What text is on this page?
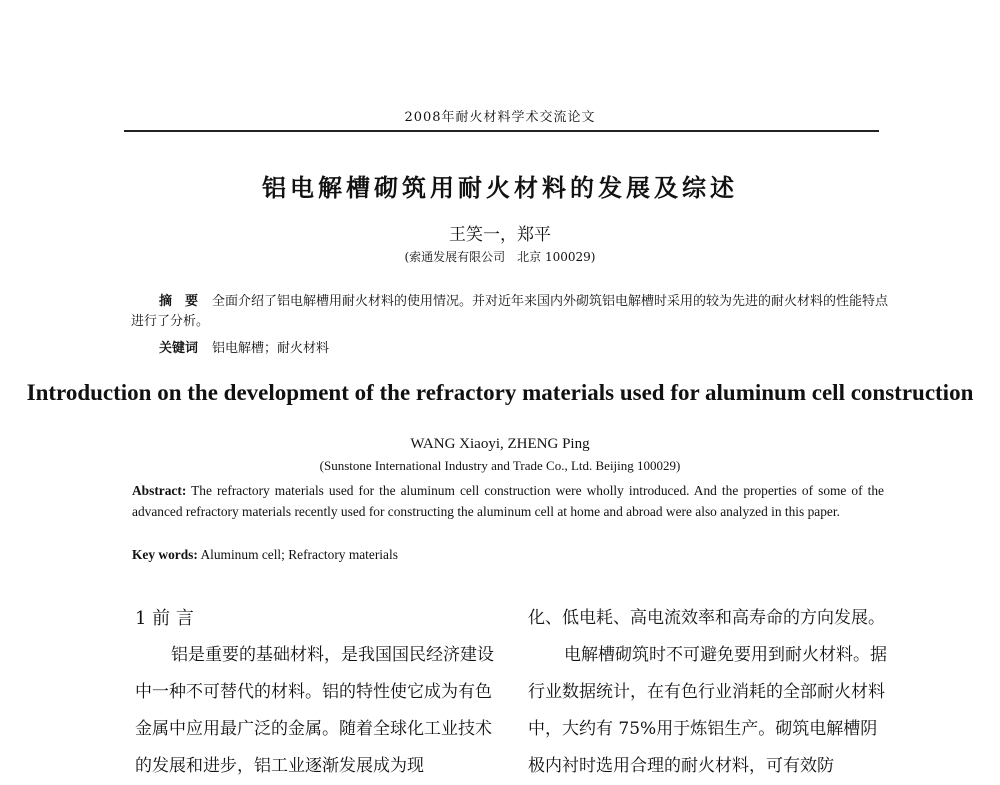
2008年耐火材料学术交流论文
铝电解槽砌筑用耐火材料的发展及综述
王笑一，郑平
(索通发展有限公司　北京 100029)
摘　要 全面介绍了铝电解槽用耐火材料的使用情况。并对近年来国内外砌筑铝电解槽时采用的较为先进的耐火材料的性能特点进行了分析。
关键词 铝电解槽；耐火材料
Introduction on the development of the refractory materials used for aluminum cell construction
WANG Xiaoyi, ZHENG Ping
(Sunstone International Industry and Trade Co., Ltd. Beijing 100029)
Abstract: The refractory materials used for the aluminum cell construction were wholly introduced. And the properties of some of the advanced refractory materials recently used for constructing the aluminum cell at home and abroad were also analyzed in this paper.
Key words: Aluminum cell; Refractory materials
1 前 言

铝是重要的基础材料，是我国国民经济建设中一种不可替代的材料。铝的特性使它成为有色金属中应用最广泛的金属。随着全球化工业技术的发展和进步，铝工业逐渐发展成为现

化、低电耗、高电流效率和高寿命的方向发展。

电解槽砌筑时不可避免要用到耐火材料。据行业数据统计，在有色行业消耗的全部耐火材料中，大约有 75%用于炼铝生产。砌筑电解槽阴极内衬时选用合理的耐火材料，可有效防
